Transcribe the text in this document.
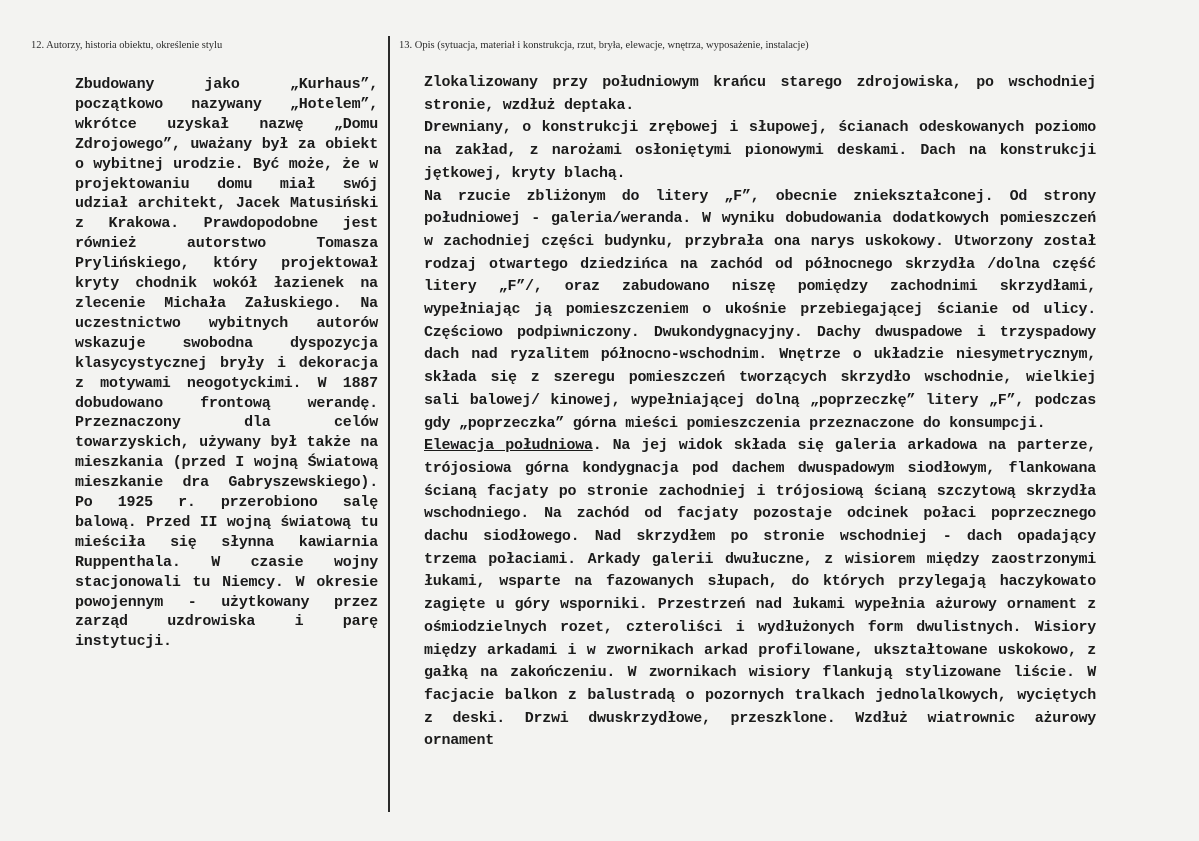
12. Autorzy, historia obiektu, określenie stylu	13. Opis (sytuacja, materiał i konstrukcja, rzut, bryła, elewacje, wnętrza, wyposażenie, instalacje)
Zbudowany jako „Kurhaus”, początkowo nazywany „Hotelem”, wkrótce uzyskał nazwę „Domu Zdrojowego”, uważany był za obiekt o wybitnej urodzie. Być może, że w projektowaniu domu miał swój udział architekt, Jacek Matusiński z Krakowa. Prawdopodobne jest również autorstwo Tomasza Prylińskiego, który projektował kryty chodnik wokół łazienek na zlecenie Michała Załuskiego. Na uczestnictwo wybitnych autorów wskazuje swobodna dyspozycja klasycystycznej bryły i dekoracja z motywami neogotyckimi. W 1887 dobudowano frontową werandę. Przeznaczony dla celów towarzyskich, używany był także na mieszkania (przed I wojną Światową mieszkanie dra Gabryszewskiego). Po 1925 r. przerobiono salę balową. Przed II wojną światową tu mieściła się słynna kawiarnia Ruppenthala. W czasie wojny stacjonowali tu Niemcy. W okresie powojennym - użytkowany przez zarząd uzdrowiska i parę instytucji.

Zlokalizowany przy południowym krańcu starego zdrojowiska, po wschodniej stronie, wzdłuż deptaka.

Drewniany, o konstrukcji zrębowej i słupowej, ścianach odeskowanych poziomo na zakład, z narożami osłoniętymi pionowymi deskami. Dach na konstrukcji jętkowej, kryty blachą.

Na rzucie zbliżonym do litery „F”, obecnie zniekształconej. Od strony południowej - galeria/weranda. W wyniku dobudowania dodatkowych pomieszczeń w zachodniej części budynku, przybrała ona narys uskokowy. Utworzony został rodzaj otwartego dziedzińca na zachód od północnego skrzydła /dolna część litery „F”/, oraz zabudowano niszę pomiędzy zachodnimi skrzydłami, wypełniając ją pomieszczeniem o ukośnie przebiegającej ścianie od ulicy. Częściowo podpiwniczony. Dwukondygnacyjny. Dachy dwuspadowe i trzyspadowy dach nad ryzalitem północno-wschodnim. Wnętrze o układzie niesymetrycznym, składa się z szeregu pomieszczeń tworzących skrzydło wschodnie, wielkiej sali balowej/ kinowej, wypełniającej dolną „poprzeczkę” litery „F”, podczas gdy „poprzeczka” górna mieści pomieszczenia przeznaczone do konsumpcji.

Elewacja południowa. Na jej widok składa się galeria arkadowa na parterze, trójosiowa górna kondygnacja pod dachem dwuspadowym siodłowym, flankowana ścianą facjaty po stronie zachodniej i trójosiową ścianą szczytową skrzydła wschodniego. Na zachód od facjaty pozostaje odcinek połaci poprzecznego dachu siodłowego. Nad skrzydłem po stronie wschodniej - dach opadający trzema połaciami. Arkady galerii dwułuczne, z wisiorem między zaostrzonymi łukami, wsparte na fazowanych słupach, do których przylegają haczykowato zagięte u góry wsporniki. Przestrzeń nad łukami wypełnia ażurowy ornament z ośmiodzielnych rozet, czteroliści i wydłużonych form dwulistnych. Wisiory między arkadami i w zwornikach arkad profilowane, ukształtowane uskokowo, z gałką na zakończeniu. W zwornikach wisiory flankują stylizowane liście. W facjacie balkon z balustradą o pozornych tralkach jednolalkowych, wyciętych z deski. Drzwi dwuskrzydłowe, przeszklone. Wzdłuż wiatrownic ażurowy ornament
